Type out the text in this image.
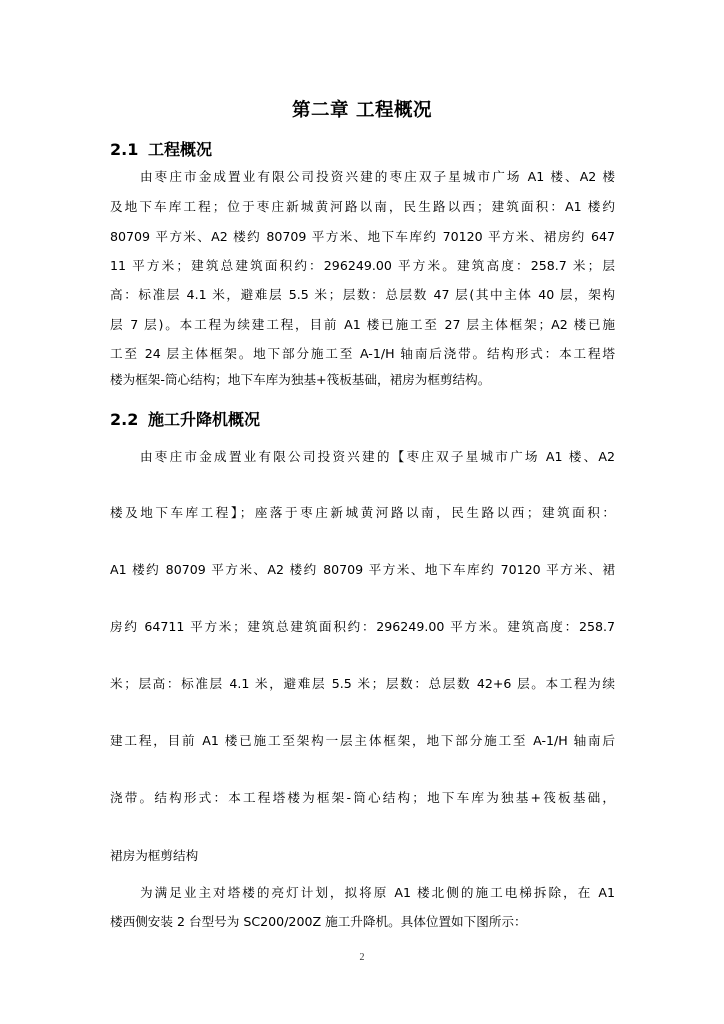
第二章 工程概况
2.1 工程概况
由枣庄市金成置业有限公司投资兴建的枣庄双子星城市广场 A1 楼、A2 楼
及地下车库工程；位于枣庄新城黄河路以南，民生路以西；建筑面积：A1 楼约
80709 平方米、A2 楼约 80709 平方米、地下车库约 70120 平方米、裙房约 647
11 平方米；建筑总建筑面积约：296249.00 平方米。建筑高度：258.7 米；层
高：标准层 4.1 米，避难层 5.5 米；层数：总层数 47 层(其中主体 40 层，架构
层 7 层)。本工程为续建工程，目前 A1 楼已施工至 27 层主体框架；A2 楼已施
工至 24 层主体框架。地下部分施工至 A-1/H 轴南后浇带。结构形式：本工程塔
楼为框架-筒心结构；地下车库为独基+筏板基础，裙房为框剪结构。
2.2 施工升降机概况
由枣庄市金成置业有限公司投资兴建的【枣庄双子星城市广场 A1 楼、A2
楼及地下车库工程】；座落于枣庄新城黄河路以南，民生路以西；建筑面积：
A1 楼约 80709 平方米、A2 楼约 80709 平方米、地下车库约 70120 平方米、裙
房约 64711 平方米；建筑总建筑面积约：296249.00 平方米。建筑高度：258.7
米；层高：标准层 4.1 米，避难层 5.5 米；层数：总层数 42+6 层。本工程为续
建工程，目前 A1 楼已施工至架构一层主体框架，地下部分施工至 A-1/H 轴南后
浇带。结构形式：本工程塔楼为框架-筒心结构；地下车库为独基+筏板基础，
裙房为框剪结构
为满足业主对塔楼的亮灯计划，拟将原 A1 楼北侧的施工电梯拆除，在 A1
楼西侧安装 2 台型号为 SC200/200Z 施工升降机。具体位置如下图所示：
2
